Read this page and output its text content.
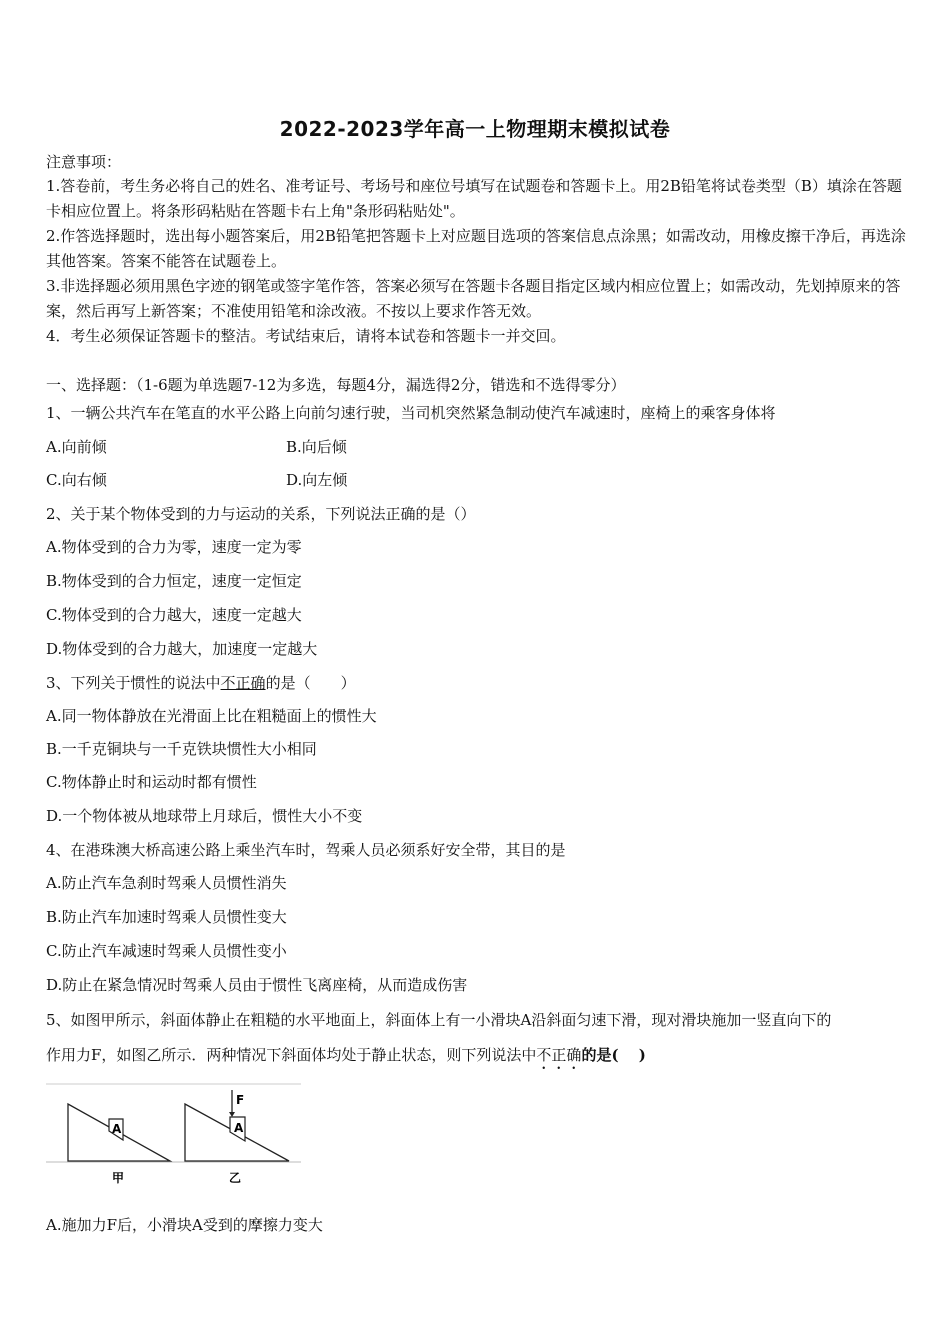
2022-2023学年高一上物理期末模拟试卷
注意事项：
1.答卷前，考生务必将自己的姓名、准考证号、考场号和座位号填写在试题卷和答题卡上。用2B铅笔将试卷类型（B）填涂在答题卡相应位置上。将条形码粘贴在答题卡右上角"条形码粘贴处"。
2.作答选择题时，选出每小题答案后，用2B铅笔把答题卡上对应题目选项的答案信息点涂黑；如需改动，用橡皮擦干净后，再选涂其他答案。答案不能答在试题卷上。
3.非选择题必须用黑色字迹的钢笔或签字笔作答，答案必须写在答题卡各题目指定区域内相应位置上；如需改动，先划掉原来的答案，然后再写上新答案；不准使用铅笔和涂改液。不按以上要求作答无效。
4．考生必须保证答题卡的整洁。考试结束后，请将本试卷和答题卡一并交回。
一、选择题：（1-6题为单选题7-12为多选，每题4分，漏选得2分，错选和不选得零分）
1、一辆公共汽车在笔直的水平公路上向前匀速行驶，当司机突然紧急制动使汽车减速时，座椅上的乘客身体将
A.向前倾	B.向后倾
C.向右倾	D.向左倾
2、关于某个物体受到的力与运动的关系，下列说法正确的是（）
A.物体受到的合力为零，速度一定为零
B.物体受到的合力恒定，速度一定恒定
C.物体受到的合力越大，速度一定越大
D.物体受到的合力越大，加速度一定越大
3、下列关于惯性的说法中不正确的是（　　）
A.同一物体静放在光滑面上比在粗糙面上的惯性大
B.一千克铜块与一千克铁块惯性大小相同
C.物体静止时和运动时都有惯性
D.一个物体被从地球带上月球后，惯性大小不变
4、在港珠澳大桥高速公路上乘坐汽车时，驾乘人员必须系好安全带，其目的是
A.防止汽车急刹时驾乘人员惯性消失
B.防止汽车加速时驾乘人员惯性变大
C.防止汽车减速时驾乘人员惯性变小
D.防止在紧急情况时驾乘人员由于惯性飞离座椅，从而造成伤害
5、如图甲所示，斜面体静止在粗糙的水平地面上，斜面体上有一小滑块A沿斜面匀速下滑，现对滑块施加一竖直向下的
作用力F，如图乙所示．两种情况下斜面体均处于静止状态，则下列说法中不正确的是(　 )
A	A
F
甲	乙
A.施加力F后，小滑块A受到的摩擦力变大
